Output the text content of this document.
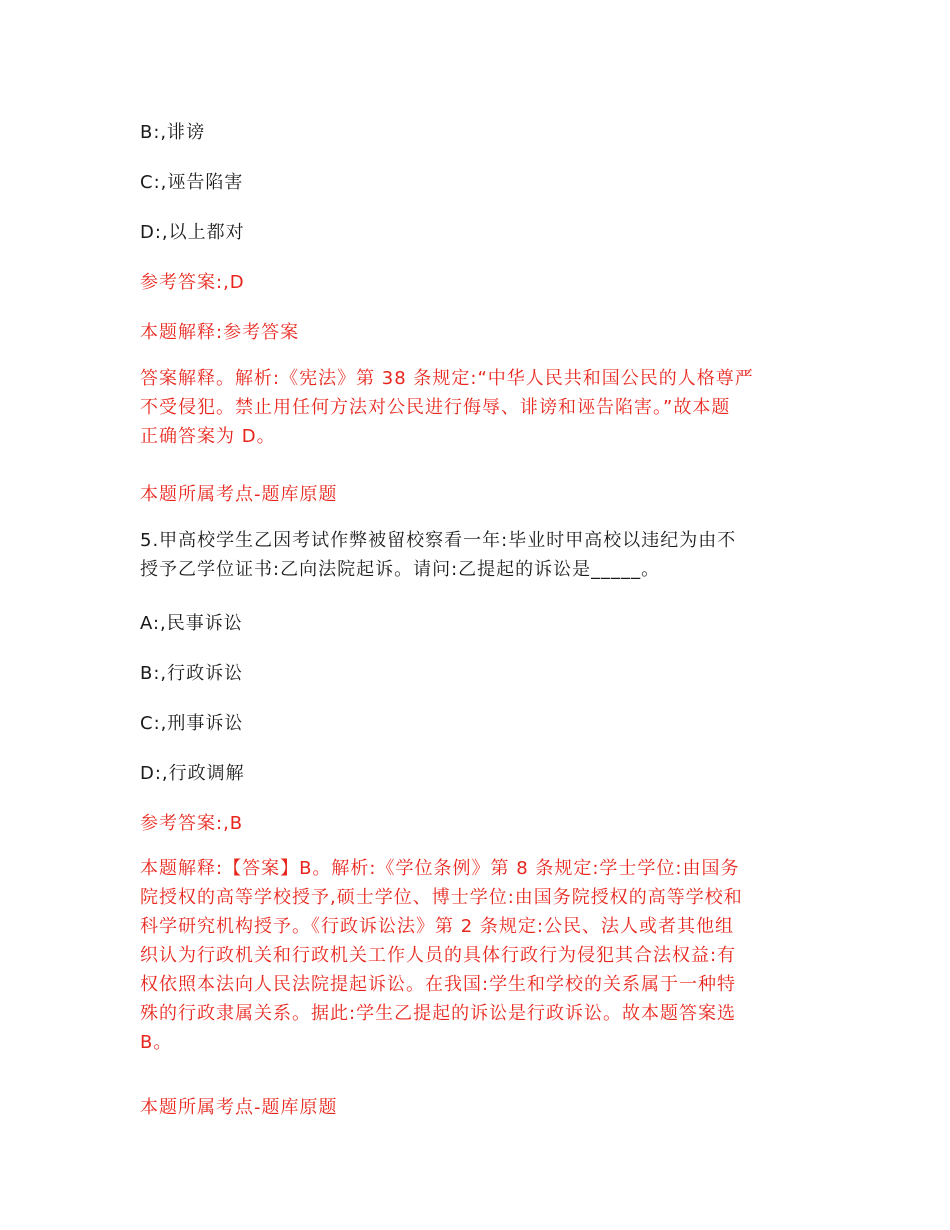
B:,诽谤
C:,诬告陷害
D:,以上都对
参考答案:,D
本题解释:参考答案
答案解释。解析:《宪法》第 38 条规定:“中华人民共和国公民的人格尊严
不受侵犯。禁止用任何方法对公民进行侮辱、诽谤和诬告陷害。”故本题
正确答案为 D。
本题所属考点-题库原题
5.甲高校学生乙因考试作弊被留校察看一年:毕业时甲高校以违纪为由不
授予乙学位证书:乙向法院起诉。请问:乙提起的诉讼是_____。
A:,民事诉讼
B:,行政诉讼
C:,刑事诉讼
D:,行政调解
参考答案:,B
本题解释:【答案】B。解析:《学位条例》第 8 条规定:学士学位:由国务
院授权的高等学校授予,硕士学位、博士学位:由国务院授权的高等学校和
科学研究机构授予。《行政诉讼法》第 2 条规定:公民、法人或者其他组
织认为行政机关和行政机关工作人员的具体行政行为侵犯其合法权益:有
权依照本法向人民法院提起诉讼。在我国:学生和学校的关系属于一种特
殊的行政隶属关系。据此:学生乙提起的诉讼是行政诉讼。故本题答案选
B。
本题所属考点-题库原题
